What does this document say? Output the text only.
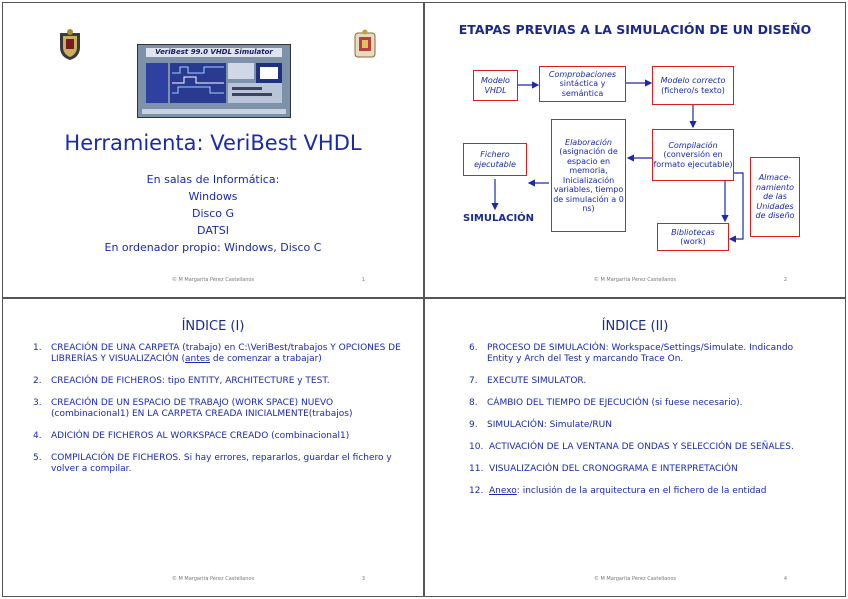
VeriBest 99.0 VHDL Simulator
Herramienta: VeriBest VHDL
En salas de Informática:
Windows
Disco G
DATSI
En ordenador propio: Windows, Disco C
© M Margarita Pérez Castellanos	1
ETAPAS PREVIAS A LA SIMULACIÓN DE UN DISEÑO
Modelo VHDL
Comprobaciones
sintáctica y semántica
Modelo correcto
(fichero/s texto)
Compilación
(conversión en formato ejecutable)
Elaboración
(asignación de espacio en memoria, Inicialización variables, tiempo de simulación a 0 ns)
Fichero ejecutable
Almace- namiento de las Unidades de diseño
Bibliotecas
(work)
SIMULACIÓN
© M Margarita Pérez Castellanos	2
ÍNDICE (I)
1.	CREACIÓN DE UNA CARPETA (trabajo) en C:\VeriBest/trabajos Y OPCIONES DE LIBRERÍAS Y VISUALIZACIÓN (antes de comenzar a trabajar)
2.	CREACIÓN DE FICHEROS: tipo ENTITY, ARCHITECTURE y TEST.
3.	CREACIÓN DE UN ESPACIO DE TRABAJO (WORK SPACE) NUEVO (combinacional1) EN LA CARPETA CREADA INICIALMENTE(trabajos)
4.	ADICIÓN DE FICHEROS AL WORKSPACE CREADO (combinacional1)
5.	COMPILACIÓN DE FICHEROS. Si hay errores, repararlos, guardar el fichero y volver a compilar.
© M Margarita Pérez Castellanos	3
ÍNDICE (II)
6.	PROCESO DE SIMULACIÓN: Workspace/Settings/Simulate. Indicando Entity y Arch del Test y marcando Trace On.
7.	EXECUTE SIMULATOR.
8.	CÁMBIO DEL TIEMPO DE EJECUCIÓN (si fuese necesario).
9.	SIMULACIÓN: Simulate/RUN
10. ACTIVACIÓN DE LA VENTANA DE ONDAS Y SELECCIÓN DE SEÑALES.
11. VISUALIZACIÓN DEL CRONOGRAMA E INTERPRETACIÓN
12. Anexo: inclusión de la arquitectura en el fichero de la entidad
© M Margarita Pérez Castellanos	4
